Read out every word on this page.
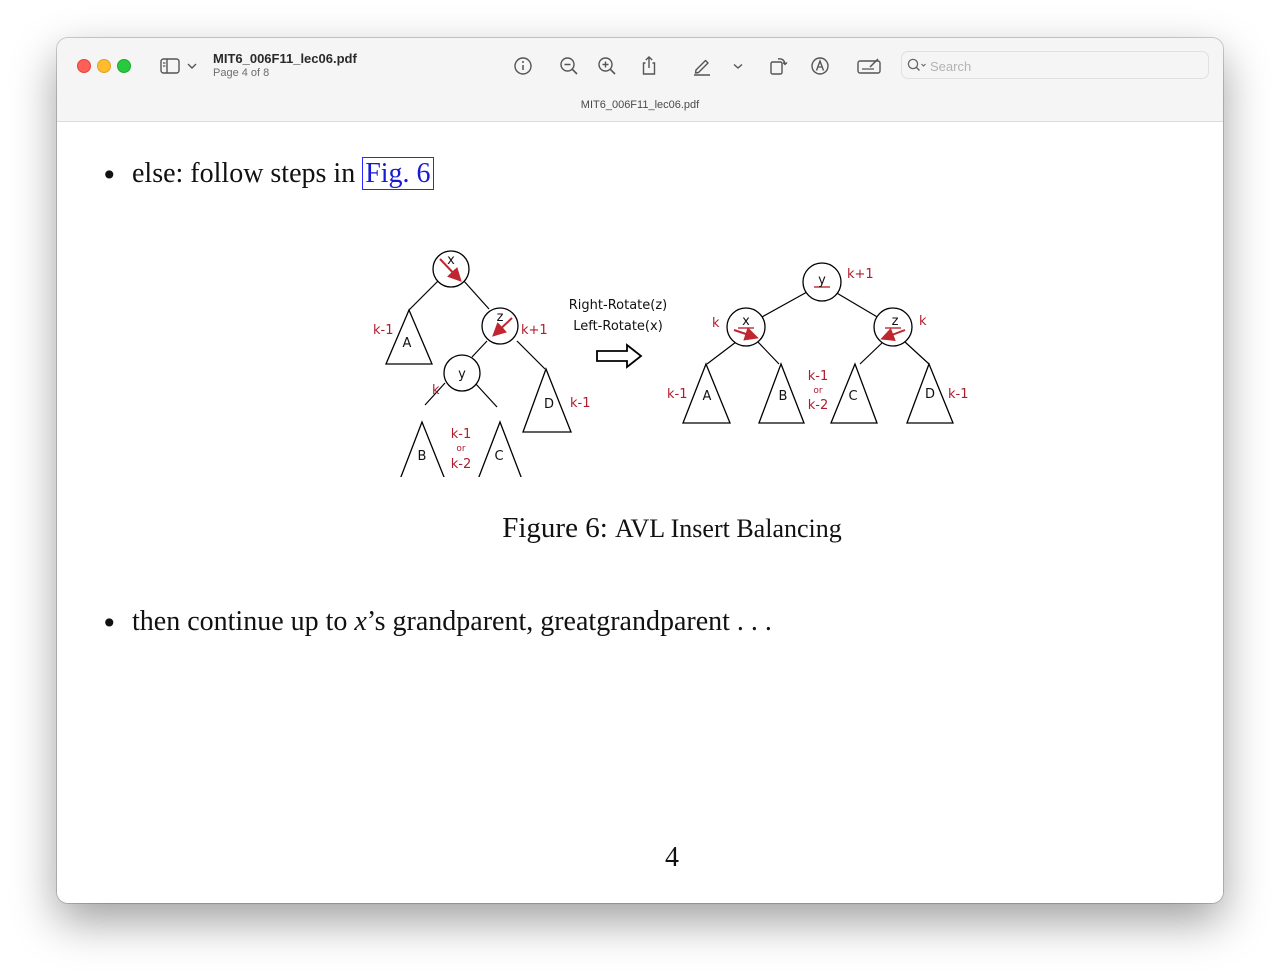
MIT6_006F11_lec06.pdf
Page 4 of 8
Search
MIT6_006F11_lec06.pdf
• else: follow steps in Fig. 6
x
z
y
A
B	C
D
k-1	k+1
k
k-1
k-1
or
k-2
Right-Rotate(z)
Left-Rotate(x)
y
x	z
A	B	C	D
k+1
k	k
k-1	k-1
k-1
or
k-2
Figure 6: AVL Insert Balancing
• then continue up to x’s grandparent, greatgrandparent . . .
4
